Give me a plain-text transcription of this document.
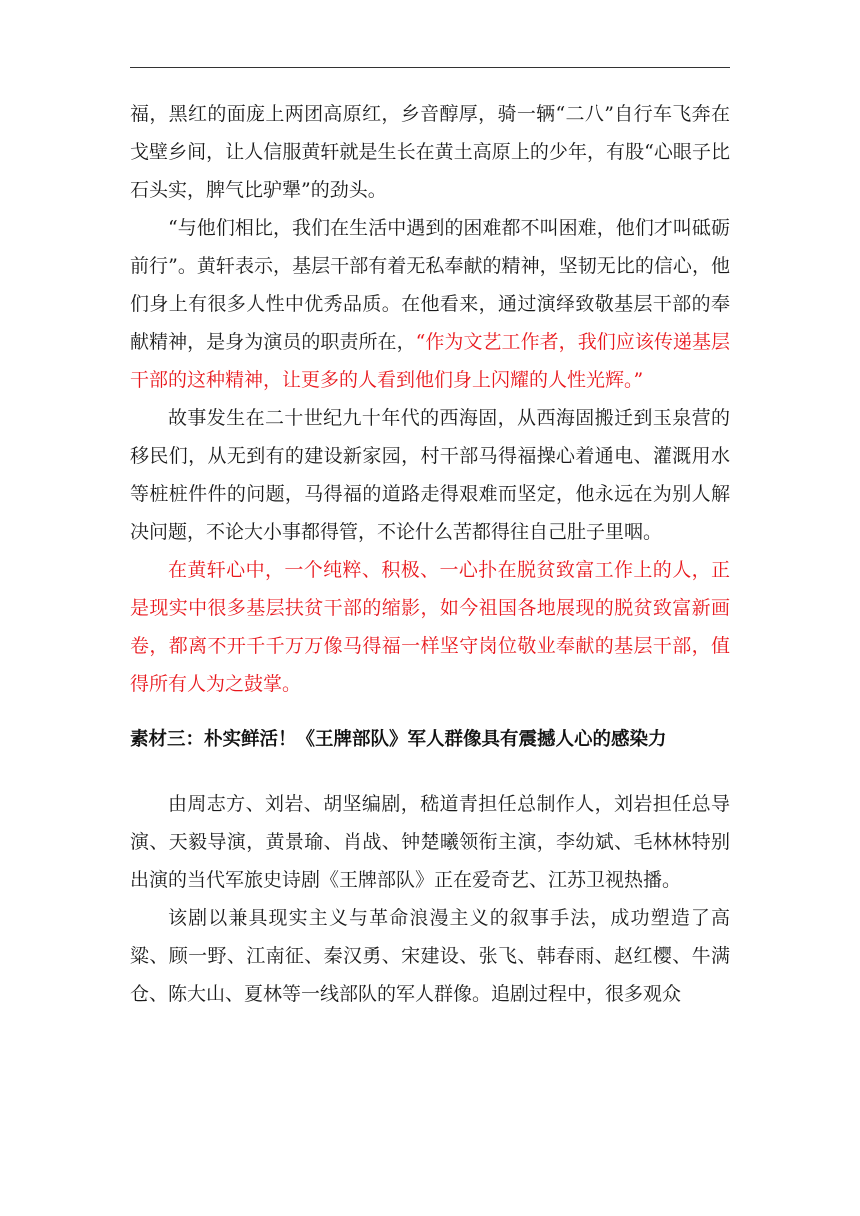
福，黑红的面庞上两团高原红，乡音醇厚，骑一辆“二八”自行车飞奔在戈壁乡间，让人信服黄轩就是生长在黄土高原上的少年，有股“心眼子比石头实，脾气比驴犟”的劲头。

“与他们相比，我们在生活中遇到的困难都不叫困难，他们才叫砥砺前行”。黄轩表示，基层干部有着无私奉献的精神，坚韧无比的信心，他们身上有很多人性中优秀品质。在他看来，通过演绎致敬基层干部的奉献精神，是身为演员的职责所在，“作为文艺工作者，我们应该传递基层干部的这种精神，让更多的人看到他们身上闪耀的人性光辉。”

故事发生在二十世纪九十年代的西海固，从西海固搬迁到玉泉营的移民们，从无到有的建设新家园，村干部马得福操心着通电、灌溉用水等桩桩件件的问题，马得福的道路走得艰难而坚定，他永远在为别人解决问题，不论大小事都得管，不论什么苦都得往自己肚子里咽。

在黄轩心中，一个纯粹、积极、一心扑在脱贫致富工作上的人，正是现实中很多基层扶贫干部的缩影，如今祖国各地展现的脱贫致富新画卷，都离不开千千万万像马得福一样坚守岗位敬业奉献的基层干部，值得所有人为之鼓掌。

素材三：朴实鲜活！《王牌部队》军人群像具有震撼人心的感染力

由周志方、刘岩、胡坚编剧，嵇道青担任总制作人，刘岩担任总导演、天毅导演，黄景瑜、肖战、钟楚曦领衔主演，李幼斌、毛林林特别出演的当代军旅史诗剧《王牌部队》正在爱奇艺、江苏卫视热播。

该剧以兼具现实主义与革命浪漫主义的叙事手法，成功塑造了高粱、顾一野、江南征、秦汉勇、宋建设、张飞、韩春雨、赵红樱、牛满仓、陈大山、夏林等一线部队的军人群像。追剧过程中，很多观众
